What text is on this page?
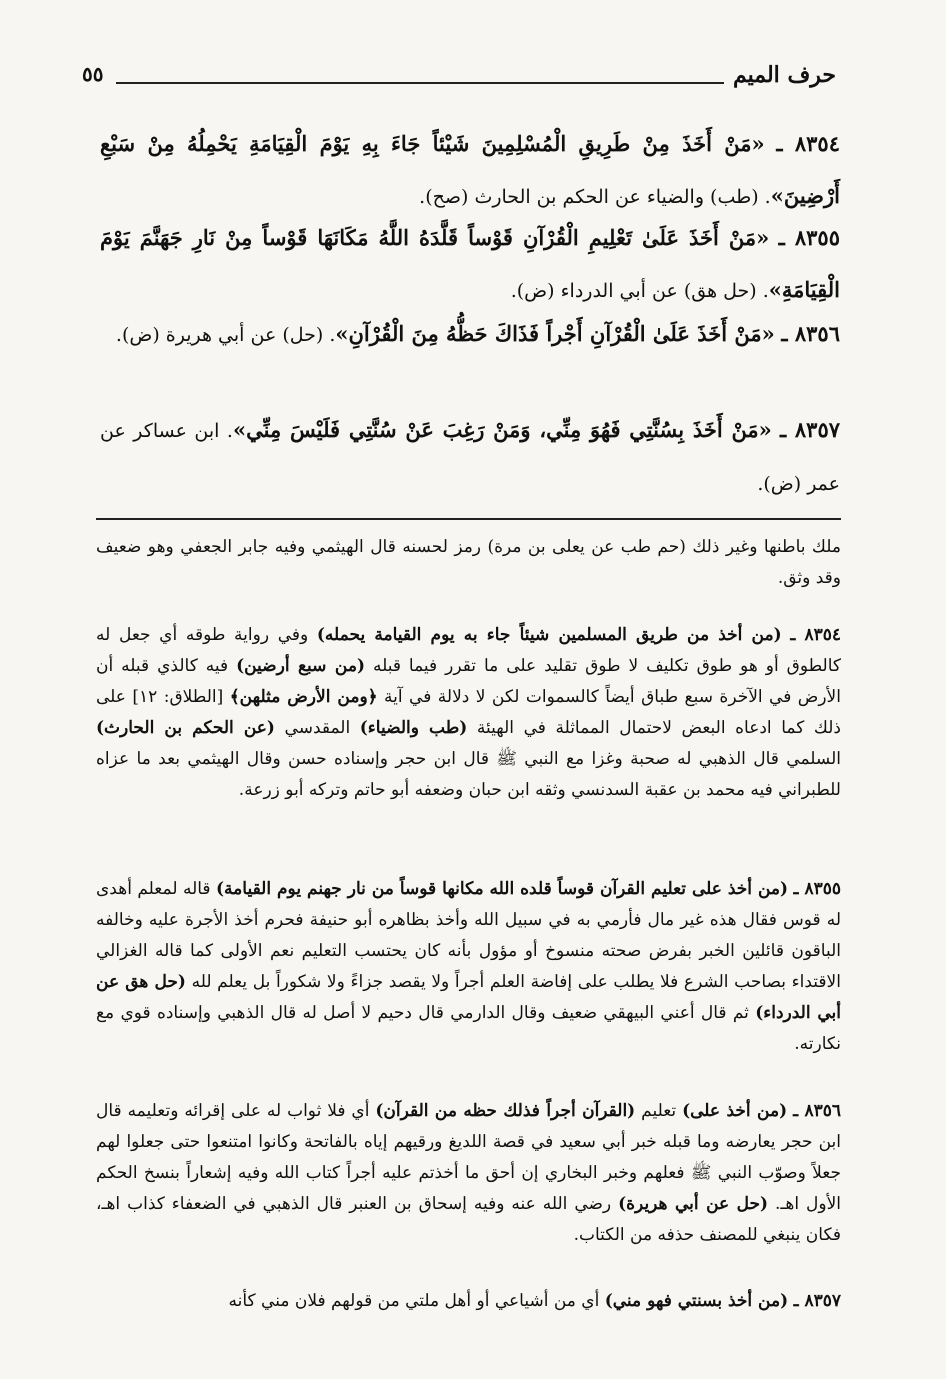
حرف الميم
٥٥
٨٣٥٤ ـ «مَنْ أَخَذَ مِنْ طَرِيقِ الْمُسْلِمِينَ شَيْئاً جَاءَ بِهِ يَوْمَ الْقِيَامَةِ يَحْمِلُهُ مِنْ سَبْعِ أَرْضِينَ». (طب) والضياء عن الحكم بن الحارث (صح).
٨٣٥٥ ـ «مَنْ أَخَذَ عَلَىٰ تَعْلِيمِ الْقُرْآنِ قَوْساً قَلَّدَهُ اللَّهُ مَكَانَهَا قَوْساً مِنْ نَارِ جَهَنَّمَ يَوْمَ الْقِيَامَةِ». (حل هق) عن أبي الدرداء (ض).
٨٣٥٦ ـ «مَنْ أَخَذَ عَلَىٰ الْقُرْآنِ أَجْراً فَذَاكَ حَظُّهُ مِنَ الْقُرْآنِ». (حل) عن أبي هريرة (ض).
٨٣٥٧ ـ «مَنْ أَخَذَ بِسُنَّتِي فَهُوَ مِنِّي، وَمَنْ رَغِبَ عَنْ سُنَّتِي فَلَيْسَ مِنِّي». ابن عساكر عن عمر (ض).
ملك باطنها وغير ذلك (حم طب عن يعلى بن مرة) رمز لحسنه قال الهيثمي وفيه جابر الجعفي وهو ضعيف وقد وثق.
٨٣٥٤ ـ (من أخذ من طريق المسلمين شيئاً جاء به يوم القيامة يحمله) وفي رواية طوقه أي جعل له كالطوق أو هو طوق تكليف لا طوق تقليد على ما تقرر فيما قبله (من سبع أرضين) فيه كالذي قبله أن الأرض في الآخرة سبع طباق أيضاً كالسموات لكن لا دلالة في آية ﴿ومن الأرض مثلهن﴾ [الطلاق: ١٢] على ذلك كما ادعاه البعض لاحتمال المماثلة في الهيئة (طب والضياء) المقدسي (عن الحكم بن الحارث) السلمي قال الذهبي له صحبة وغزا مع النبي ﷺ قال ابن حجر وإسناده حسن وقال الهيثمي بعد ما عزاه للطبراني فيه محمد بن عقبة السدنسي وثقه ابن حبان وضعفه أبو حاتم وتركه أبو زرعة.
٨٣٥٥ ـ (من أخذ على تعليم القرآن قوساً قلده الله مكانها قوساً من نار جهنم يوم القيامة) قاله لمعلم أهدى له قوس فقال هذه غير مال فأرمي به في سبيل الله وأخذ بظاهره أبو حنيفة فحرم أخذ الأجرة عليه وخالفه الباقون قائلين الخبر بفرض صحته منسوخ أو مؤول بأنه كان يحتسب التعليم نعم الأولى كما قاله الغزالي الاقتداء بصاحب الشرع فلا يطلب على إفاضة العلم أجراً ولا يقصد جزاءً ولا شكوراً بل يعلم لله (حل هق عن أبي الدرداء) ثم قال أعني البيهقي ضعيف وقال الدارمي قال دحيم لا أصل له قال الذهبي وإسناده قوي مع نكارته.
٨٣٥٦ ـ (من أخذ على) تعليم (القرآن أجراً فذلك حظه من القرآن) أي فلا ثواب له على إقرائه وتعليمه قال ابن حجر يعارضه وما قبله خبر أبي سعيد في قصة اللديغ ورقيهم إياه بالفاتحة وكانوا امتنعوا حتى جعلوا لهم جعلاً وصوّب النبي ﷺ فعلهم وخبر البخاري إن أحق ما أخذتم عليه أجراً كتاب الله وفيه إشعاراً بنسخ الحكم الأول اهـ. (حل عن أبي هريرة) رضي الله عنه وفيه إسحاق بن العنبر قال الذهبي في الضعفاء كذاب اهـ، فكان ينبغي للمصنف حذفه من الكتاب.
٨٣٥٧ ـ (من أخذ بسنتي فهو مني) أي من أشياعي أو أهل ملتي من قولهم فلان مني كأنه
